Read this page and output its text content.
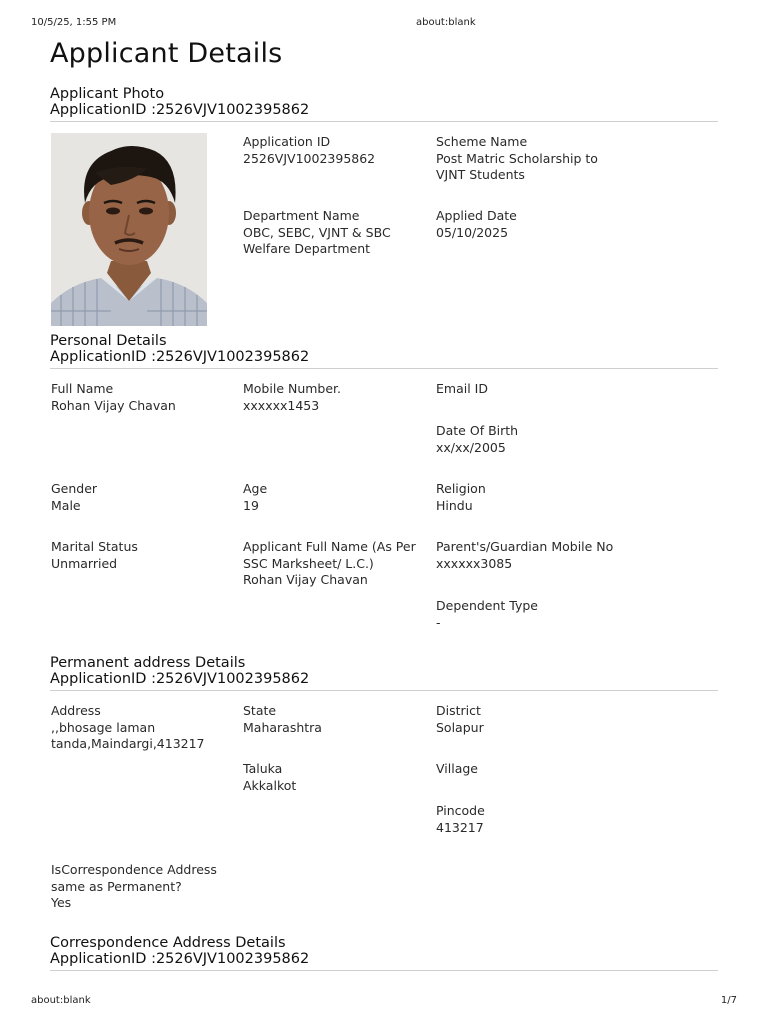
10/5/25, 1:55 PM	about:blank
Applicant Details
Applicant Photo
ApplicationID :2526VJV1002395862
Application ID
2526VJV1002395862
Scheme Name
Post Matric Scholarship to VJNT Students
Department Name
OBC, SEBC, VJNT & SBC Welfare Department
Applied Date
05/10/2025
Personal Details
ApplicationID :2526VJV1002395862
Full Name
Rohan Vijay Chavan
Mobile Number.
xxxxxx1453
Email ID
Date Of Birth
xx/xx/2005
Gender
Male
Age
19
Religion
Hindu
Marital Status
Unmarried
Applicant Full Name (As Per SSC Marksheet/ L.C.)
Rohan Vijay Chavan
Parent's/Guardian Mobile No
xxxxxx3085
Dependent Type
-
Permanent address Details
ApplicationID :2526VJV1002395862
Address
,,bhosage laman tanda,Maindargi,413217
State
Maharashtra
District
Solapur
Taluka
Akkalkot
Village
Pincode
413217
IsCorrespondence Address same as Permanent?
Yes
Correspondence Address Details
ApplicationID :2526VJV1002395862
about:blank	1/7
